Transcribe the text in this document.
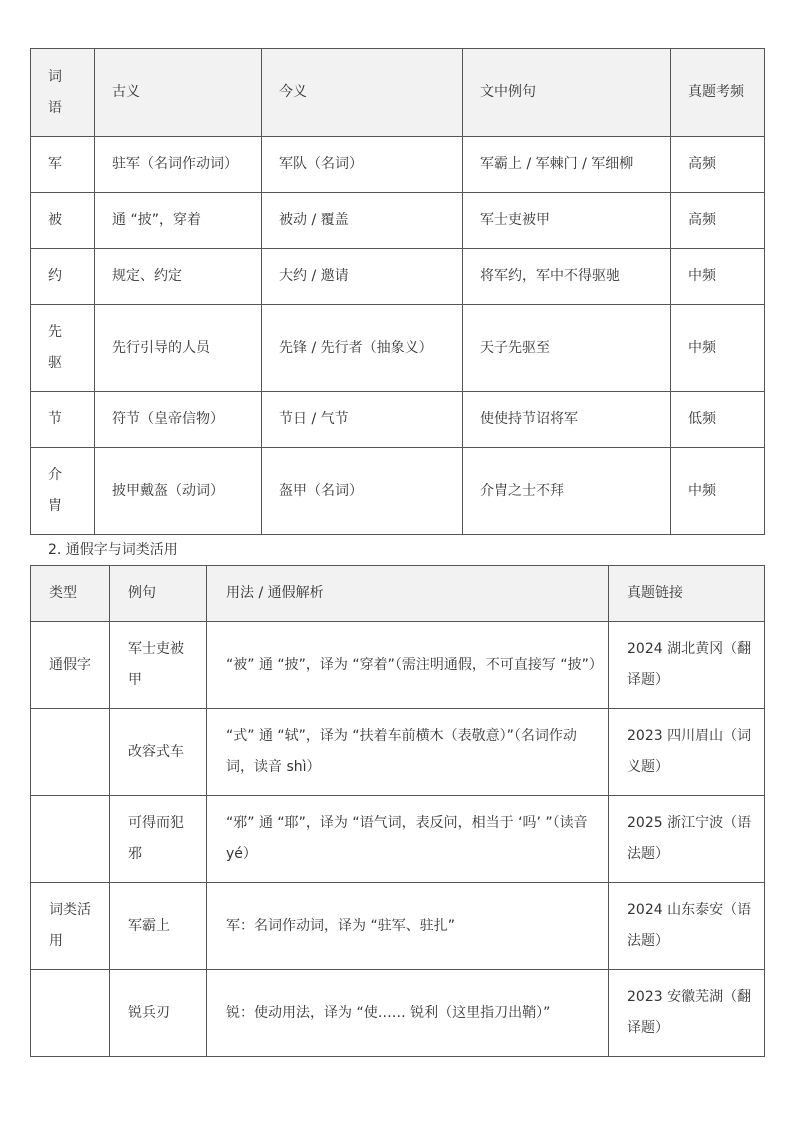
词语	古义	今义	文中例句	真题考频
军	驻军（名词作动词）	军队（名词）	军霸上 / 军棘门 / 军细柳	高频
被	通 “披”，穿着	被动 / 覆盖	军士吏被甲	高频
约	规定、约定	大约 / 邀请	将军约，军中不得驱驰	中频
先驱	先行引导的人员	先锋 / 先行者（抽象义）	天子先驱至	中频
节	符节（皇帝信物）	节日 / 气节	使使持节诏将军	低频
介胄	披甲戴盔（动词）	盔甲（名词）	介胄之士不拜	中频
2. 通假字与词类活用
类型	例句	用法 / 通假解析	真题链接
通假字	军士吏被甲	“被” 通 “披”，译为 “穿着”（需注明通假，不可直接写 “披”）	2024 湖北黄冈（翻译题）
	改容式车	“式” 通 “轼”，译为 “扶着车前横木（表敬意）”（名词作动词，读音 shì）	2023 四川眉山（词义题）
	可得而犯邪	“邪” 通 “耶”，译为 “语气词，表反问，相当于 ‘吗’ ”（读音 yé）	2025 浙江宁波（语法题）
词类活用	军霸上	军：名词作动词，译为 “驻军、驻扎”	2024 山东泰安（语法题）
	锐兵刃	锐：使动用法，译为 “使…… 锐利（这里指刀出鞘）”	2023 安徽芜湖（翻译题）
